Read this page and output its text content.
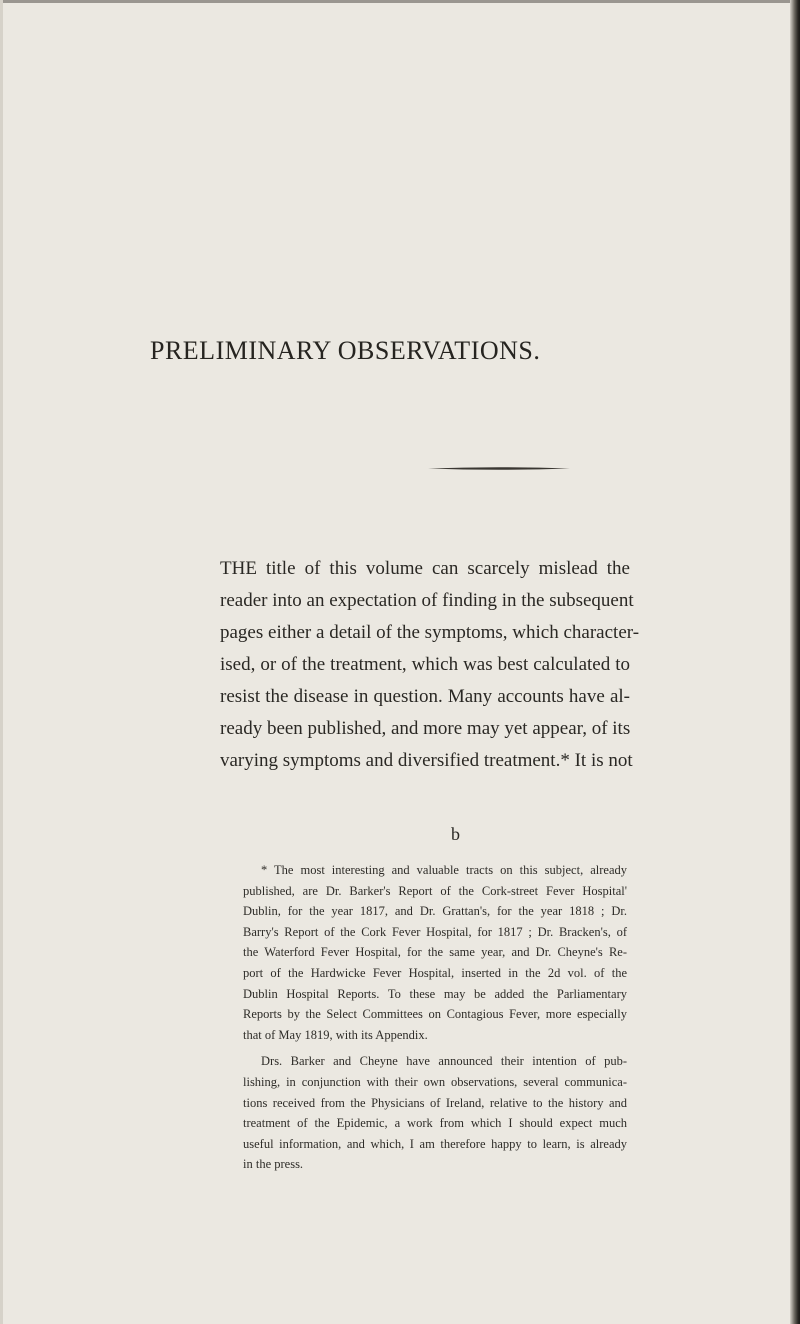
PRELIMINARY OBSERVATIONS.
THE title of this volume can scarcely mislead the
reader into an expectation of finding in the subsequent
pages either a detail of the symptoms, which character-
ised, or of the treatment, which was best calculated to
resist the disease in question. Many accounts have al-
ready been published, and more may yet appear, of its
varying symptoms and diversified treatment.* It is not
b

* The most interesting and valuable tracts on this subject, already
published, are Dr. Barker's Report of the Cork-street Fever Hospital'
Dublin, for the year 1817, and Dr. Grattan's, for the year 1818 ; Dr.
Barry's Report of the Cork Fever Hospital, for 1817 ; Dr. Bracken's, of
the Waterford Fever Hospital, for the same year, and Dr. Cheyne's Re-
port of the Hardwicke Fever Hospital, inserted in the 2d vol. of the
Dublin Hospital Reports. To these may be added the Parliamentary
Reports by the Select Committees on Contagious Fever, more especially
that of May 1819, with its Appendix.

Drs. Barker and Cheyne have announced their intention of pub-
lishing, in conjunction with their own observations, several communica-
tions received from the Physicians of Ireland, relative to the history and
treatment of the Epidemic, a work from which I should expect much
useful information, and which, I am therefore happy to learn, is already
in the press.
